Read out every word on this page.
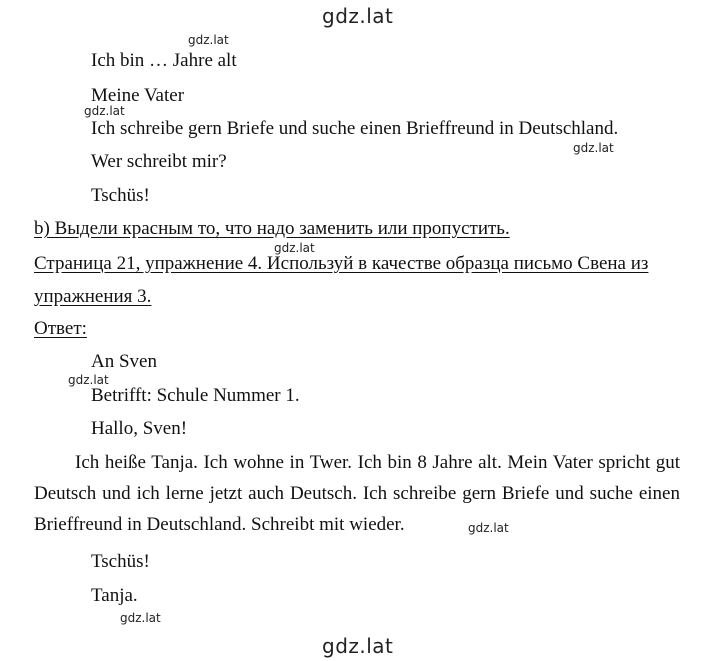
gdz.lat
gdz.lat
gdz.lat
gdz.lat
gdz.lat
gdz.lat
gdz.lat
gdz.lat
gdz.lat
Ich bin … Jahre alt
Meine Vater
Ich schreibe gern Briefe und suche einen Brieffreund in Deutschland.
Wer schreibt mir?
Tschüs!
b) Выдели красным то, что надо заменить или пропустить.
Страница 21, упражнение 4. Используй в качестве образца письмо Свена из
упражнения 3.
Ответ:
An Sven
Betrifft: Schule Nummer 1.
Hallo, Sven!
Ich heiße Tanja. Ich wohne in Twer. Ich bin 8 Jahre alt. Mein Vater spricht gut Deutsch und ich lerne jetzt auch Deutsch. Ich schreibe gern Briefe und suche einen Brieffreund in Deutschland. Schreibt mit wieder.
Tschüs!
Tanja.
